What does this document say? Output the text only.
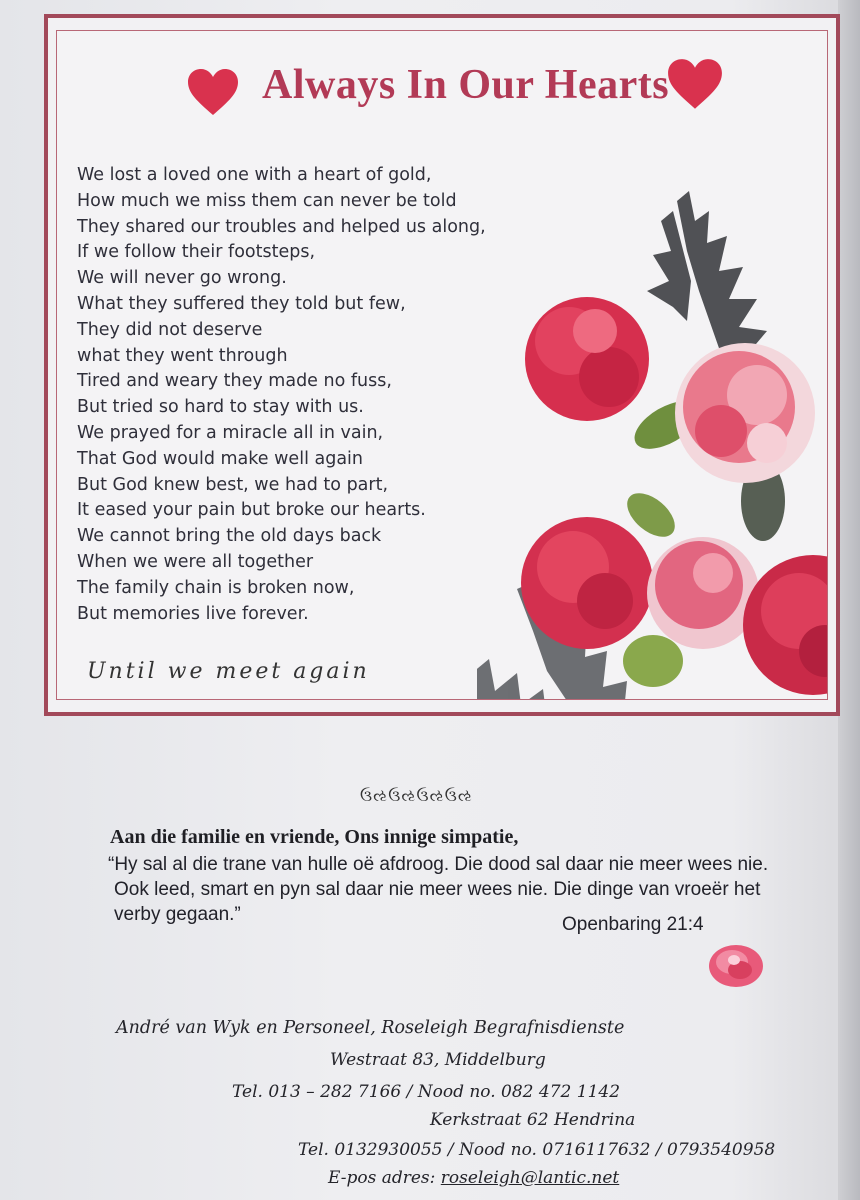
Always In Our Hearts
We lost a loved one with a heart of gold,
How much we miss them can never be told
They shared our troubles and helped us along,
If we follow their footsteps,
We will never go wrong.
What they suffered they told but few,
They did not deserve
what they went through
Tired and weary they made no fuss,
But tried so hard to stay with us.
We prayed for a miracle all in vain,
That God would make well again
But God knew best, we had to part,
It eased your pain but broke our hearts.
We cannot bring the old days back
When we were all together
The family chain is broken now,
But memories live forever.
Until we meet again
ઉઌઉઌઉઌઉઌ
Aan die familie en vriende, Ons innige simpatie,
“Hy sal al die trane van hulle oë afdroog. Die dood sal daar nie meer wees nie.
Ook leed, smart en pyn sal daar nie meer wees nie. Die dinge van vroeër het
verby gegaan.”	Openbaring 21:4
André van Wyk en Personeel, Roseleigh Begrafnisdienste
Westraat 83, Middelburg
Tel. 013 – 282 7166 / Nood no. 082 472 1142
Kerkstraat 62 Hendrina
Tel. 0132930055 / Nood no. 0716117632 / 0793540958
E-pos adres: roseleigh@lantic.net
